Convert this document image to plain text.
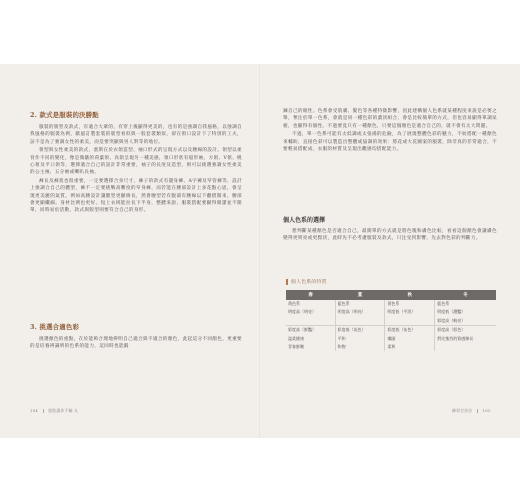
2. 款式是服裝的決勝點

服裝的版型及款式，有適合大眾的，有穿上後顯得更美的，也有的是強調自我風格，以強調自我風格的服裝為例，歐風訂製套裝的版型看似與一般套裝類似，卻在領口設計下了特別的工夫，証不是為了強調女性的柔美，而是要突顯與男人對等的地位。

領型與女性柔美的款式，塞斯在於衣領造型、袖口形式的呈現方式以及腰線的設計。領型以柔背作不同的變化，像是微皺的荷葉領、高領呈現另一種美感，領口形狀有船形袖、方領、V領、桃心領及平口領等，選擇適合自己的設計非常重要，袖子的長度及造型，則可以挑選強調女性柔美的公主袖、五分袖或喇叭長袖。

褲長及褲寬也很重要，一定要選擇合身尺寸，褲子的款式有闊身褲、A字褲及窄管褲等，設計上強調合自己的體型，褲不一定要挑戰高難度的窄身褲，而若能在腰部設計上多花點心思，會呈現更美麗的氣質。例如高腰設計讓腿型更顯修長，然會腰型若有腹部有腰線以下翻摺開來，腰部會更顯纖細。身材比例也更好。短上衣則能拉長下半身，整體來說，服裝搭配要顯得簡潔並不簡單，同時易於活動，款式與版型則要符合自己的身形。

3. 挑選合適色彩

挑選顏色的重點，在於能夠合理地辨明自己適合與不適合的顏色，此起這分不同顏色，更重要的是培養辨識明的色系的能力，這同時也能鍛

184	服裝讓你不輸 丸

鍊自己的眼性。色系會受肌膚、髮色等各種特徵影響，因此建構個人色系就某種程度來說是必要之舉，奪注於單一色系，會就是同一種色彩的濃淡組合，會是比較簡單的方式，但也容易顯得單調呆板，也顯得有個性。不過要竟只有一種顏色，只要這個顏色是適合自己的，就不會有太大問題。

不過，單一色系可能有太低調或太張揚的危險，為了展現整體色彩的魅力，不妨搭配一種顏色來輔助，直接色彩可以製造出整體或協調的效果：將花或大花圖案的服裝，除非真的非常適合，不要輕易搭配成，衣服的材質及呈現出觀感均搭配能力。

個人色系的選擇

想判斷某種顏色是否適合自己，最簡單的方式就是將色塊和膚色比較，看看這個顏色會讓膚色變得更明亮或更黯淡，此時先不必考慮服裝及款式，只注受到影響，先去對色彩的判斷力。

個人色系的特質
春	夏	秋	冬
黃色系	藍色系	黃色系	藍色系
明度高（明亮）	明度高（明亮）	明度低（平淡）	明度低（濃豔）
			彩度高（較亮）
彩度高（鮮豔）	彩度低（灰色）	彩度低（灰色）	彩度高（彩色）
溫柔健康	平和	嫻淑	對比強烈的質感綿長
青春鮮嫩	和煦	柔和	
練習打扮法	185
